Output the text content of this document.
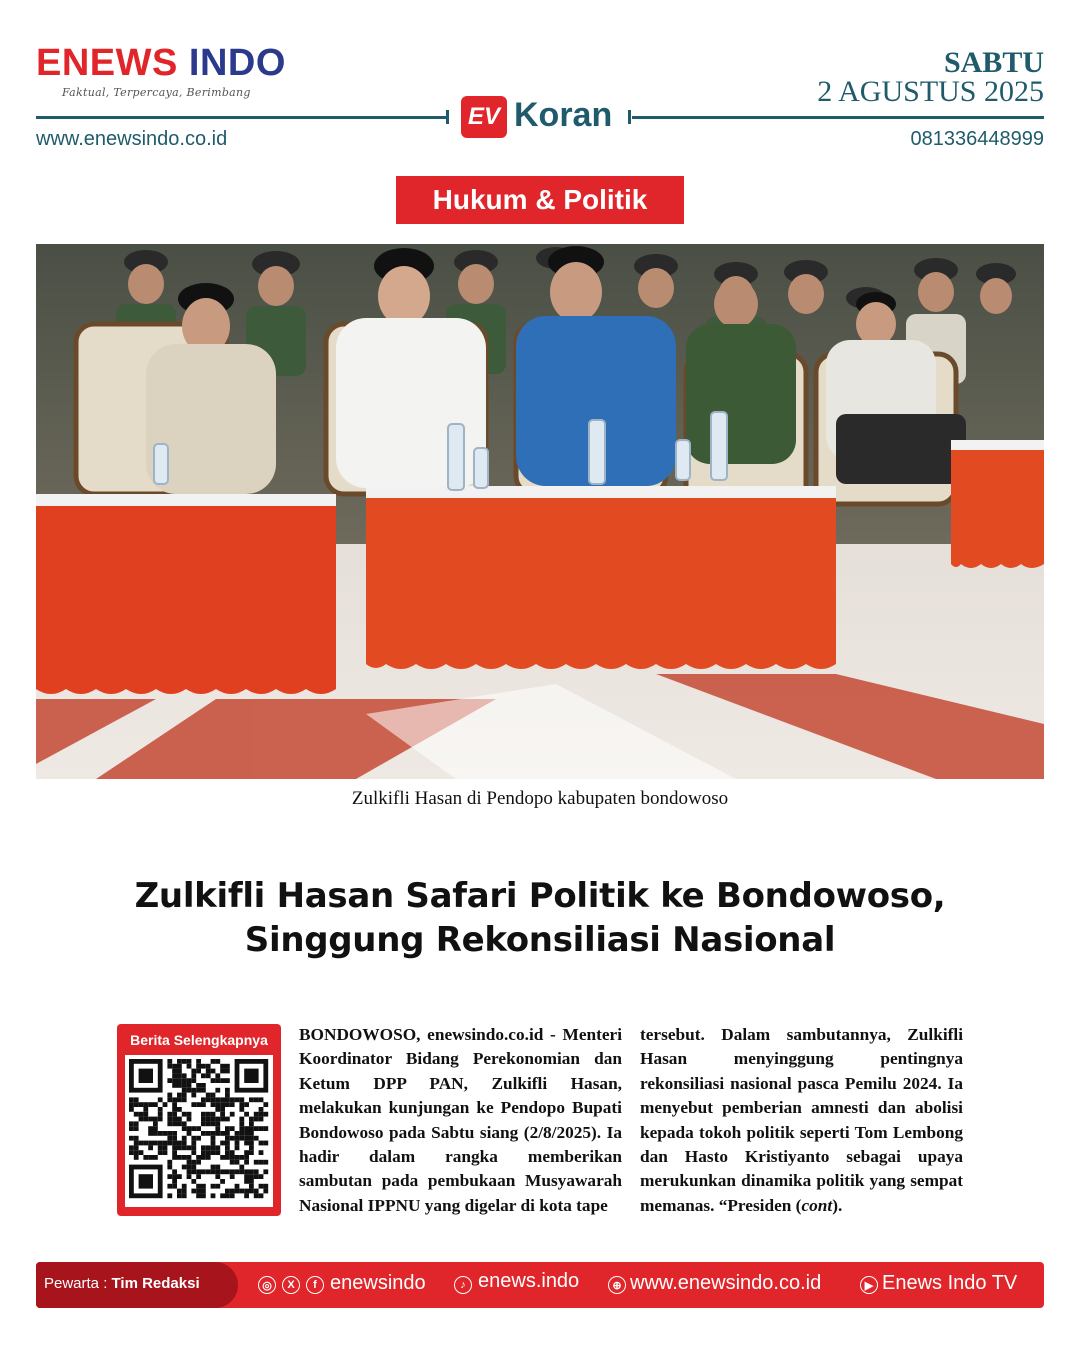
ENEWS INDO
Faktual, Terpercaya, Berimbang
SABTU
2 AGUSTUS 2025
EV Koran
www.enewsindo.co.id	081336448999
Hukum & Politik
Zulkifli Hasan di Pendopo kabupaten bondowoso
Zulkifli Hasan Safari Politik ke Bondowoso,
Singgung Rekonsiliasi Nasional
Berita Selengkapnya	BONDOWOSO, enewsindo.co.id - Menteri Koordinator Bidang Perekonomian dan Ketum DPP PAN, Zulkifli Hasan, melakukan kunjungan ke Pendopo Bupati Bondowoso pada Sabtu siang (2/8/2025). Ia hadir dalam rangka memberikan sambutan pada pembukaan Musyawarah Nasional IPPNU yang digelar di kota tape
tersebut. Dalam sambutannya, Zulkifli Hasan menyinggung pentingnya rekonsiliasi nasional pasca Pemilu 2024. Ia menyebut pemberian amnesti dan abolisi kepada tokoh politik seperti Tom Lembong dan Hasto Kristiyanto sebagai upaya merukunkan dinamika politik yang sempat memanas. “Presiden (cont).
Pewarta : Tim Redaksi	◎	X	f enewsindo	♪ enews.indo	⊕ www.enewsindo.co.id	▶ Enews Indo TV
